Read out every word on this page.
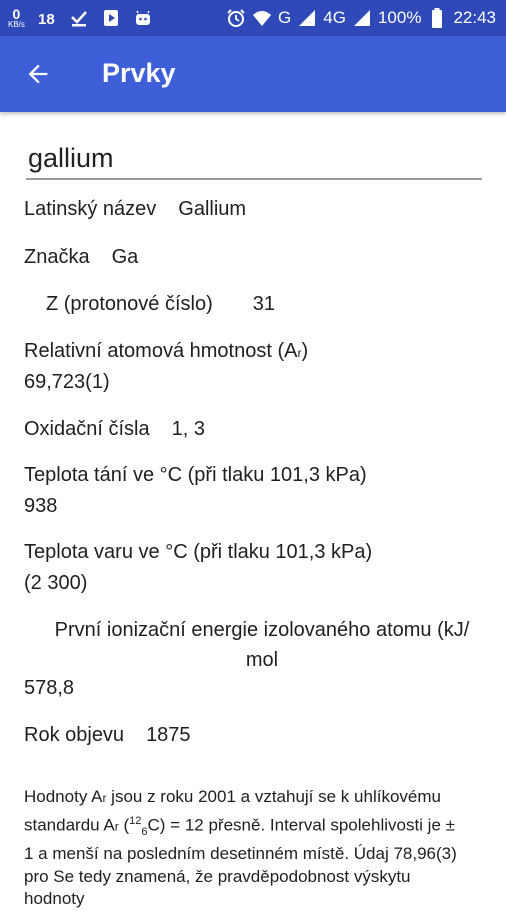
0
KB/s 18	G 4G 100% 22:43
Prvky
gallium
Latinský název Gallium
Značka Ga
Z (protonové číslo) 31
Relativní atomová hmotnost (Ar)
69,723(1)
Oxidační čísla 1, 3
Teplota tání ve °C (při tlaku 101,3 kPa)
938
Teplota varu ve °C (při tlaku 101,3 kPa)
(2 300)
První ionizační energie izolovaného atomu (kJ/
mol
578,8
Rok objevu 1875
Hodnoty Ar jsou z roku 2001 a vztahují se k uhlíkovému standardu Ar ($^{12}_6$C) = 12 přesně. Interval spolehlivosti je ± 1 a menší na posledním desetinném místě. Údaj 78,96(3) pro Se tedy znamená, že pravděpodobnost výskytu hodnoty
